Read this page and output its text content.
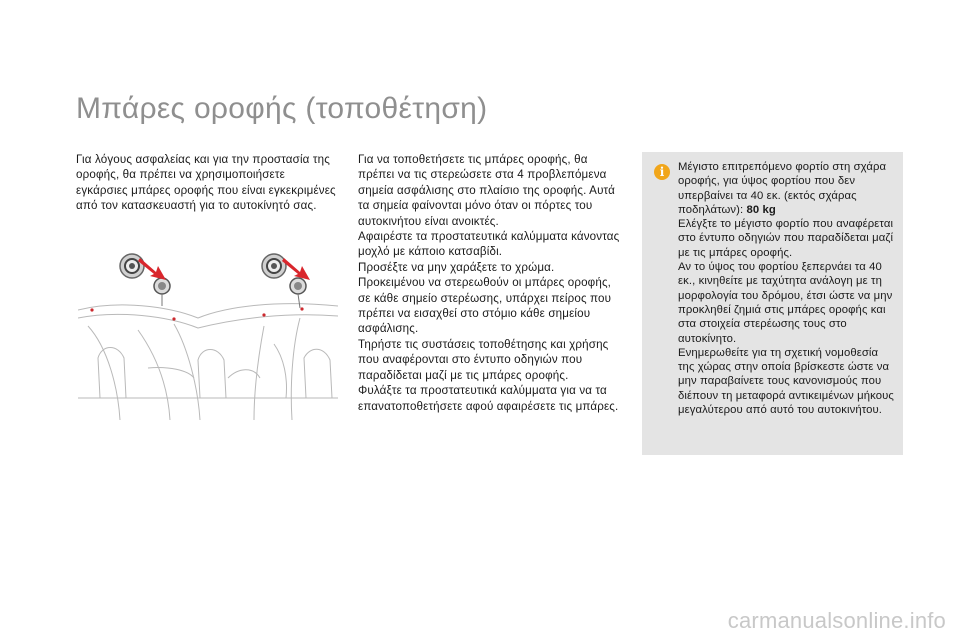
Μπάρες οροφής (τοποθέτηση)
Για λόγους ασφαλείας και για την προστασία της οροφής, θα πρέπει να χρησιμοποιήσετε εγκάρσιες μπάρες οροφής που είναι εγκεκριμένες από τον κατασκευαστή για το αυτοκίνητό σας.

Για να τοποθετήσετε τις μπάρες οροφής, θα πρέπει να τις στερεώσετε στα 4 προβλεπόμενα σημεία ασφάλισης στο πλαίσιο της οροφής. Αυτά τα σημεία φαίνονται μόνο όταν οι πόρτες του αυτοκινήτου είναι ανοικτές.

Αφαιρέστε τα προστατευτικά καλύμματα κάνοντας μοχλό με κάποιο κατσαβίδι.

Προσέξτε να μην χαράξετε το χρώμα.

Προκειμένου να στερεωθούν οι μπάρες οροφής, σε κάθε σημείο στερέωσης, υπάρχει πείρος που πρέπει να εισαχθεί στο στόμιο κάθε σημείου ασφάλισης.

Τηρήστε τις συστάσεις τοποθέτησης και χρήσης που αναφέρονται στο έντυπο οδηγιών που παραδίδεται μαζί με τις μπάρες οροφής.

Φυλάξτε τα προστατευτικά καλύμματα για να τα επανατοποθετήσετε αφού αφαιρέσετε τις μπάρες.

Μέγιστο επιτρεπόμενο φορτίο στη σχάρα οροφής, για ύψος φορτίου που δεν υπερβαίνει τα 40 εκ. (εκτός σχάρας ποδηλάτων): 80 kg

Ελέγξτε το μέγιστο φορτίο που αναφέρεται στο έντυπο οδηγιών που παραδίδεται μαζί με τις μπάρες οροφής.

Αν το ύψος του φορτίου ξεπερνάει τα 40 εκ., κινηθείτε με ταχύτητα ανάλογη με τη μορφολογία του δρόμου, έτσι ώστε να μην προκληθεί ζημιά στις μπάρες οροφής και στα στοιχεία στερέωσης τους στο αυτοκίνητο.

Ενημερωθείτε για τη σχετική νομοθεσία της χώρας στην οποία βρίσκεστε ώστε να μην παραβαίνετε τους κανονισμούς που διέπουν τη μεταφορά αντικειμένων μήκους μεγαλύτερου από αυτό του αυτοκινήτου.

i
carmanualsonline.info
